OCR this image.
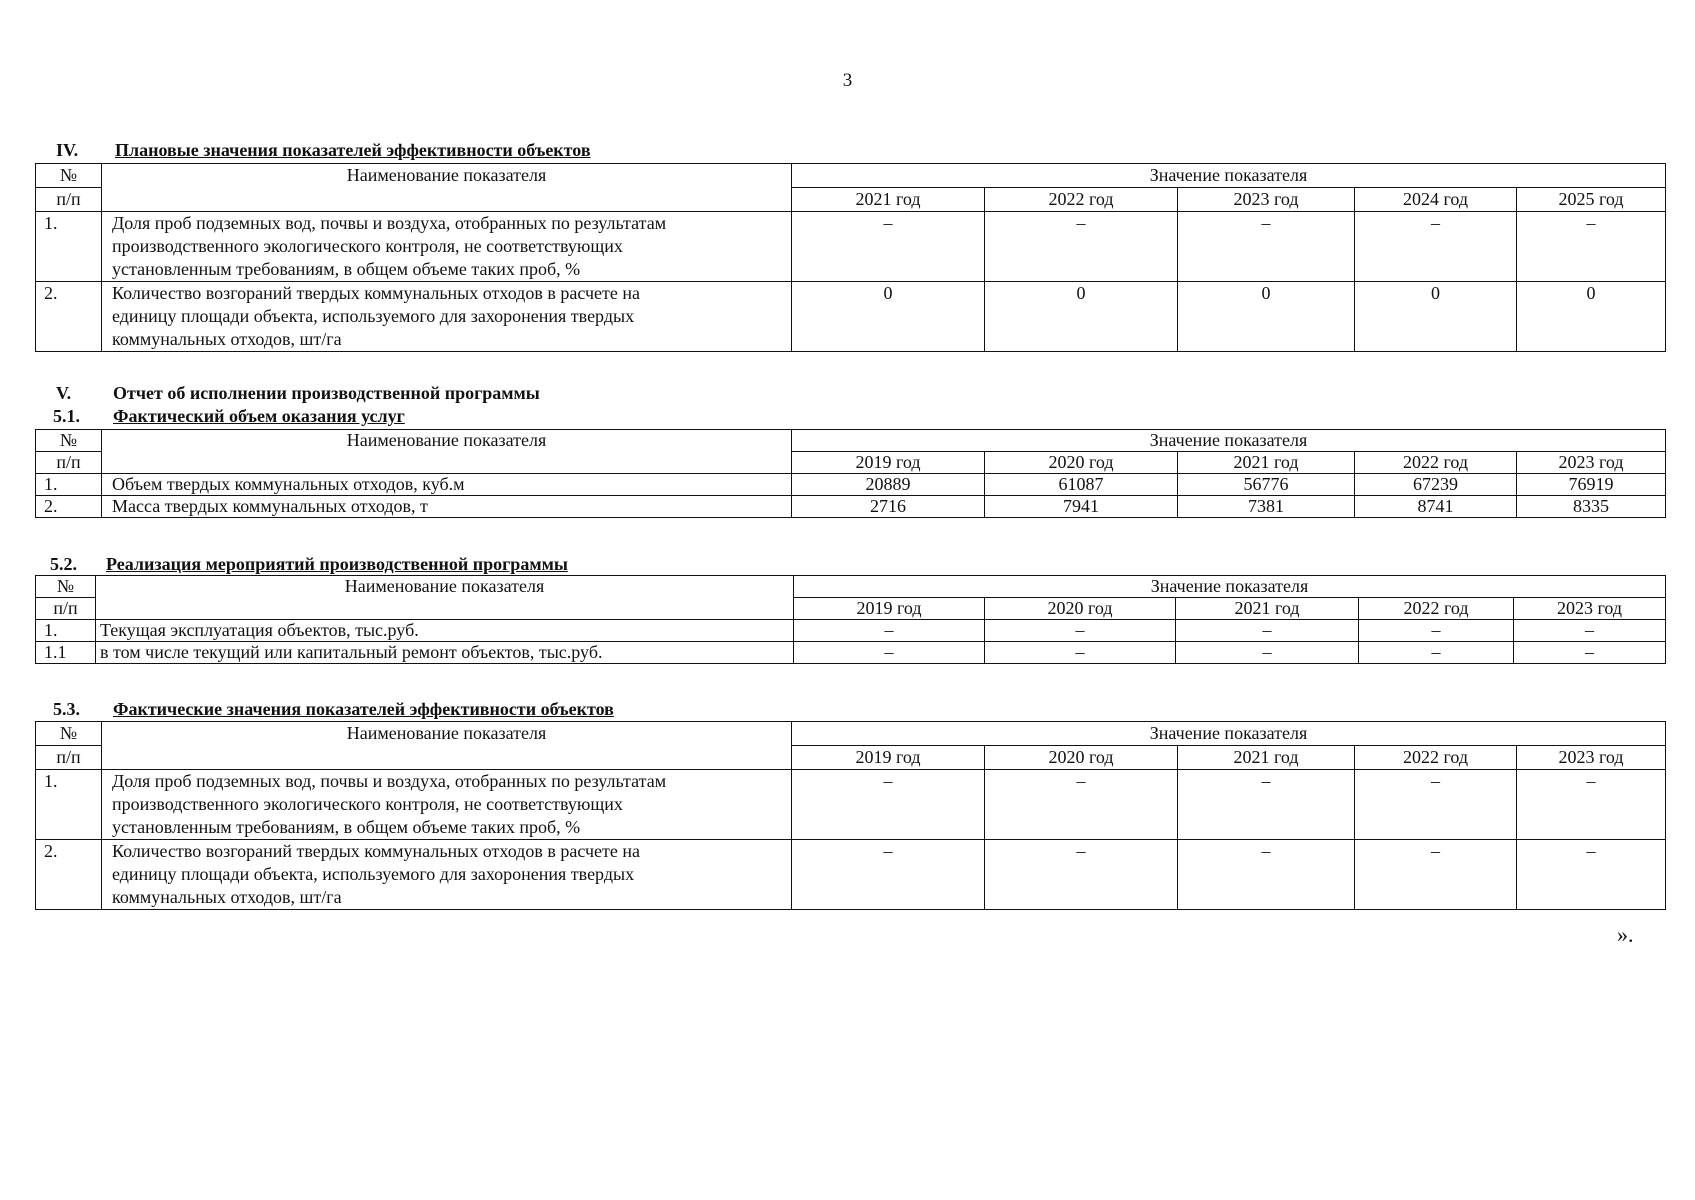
3
IV. Плановые значения показателей эффективности объектов
№	Наименование показателя	Значение показателя				
п/п		2021 год	2022 год	2023 год	2024 год	2025 год
1.	Доля проб подземных вод, почвы и воздуха, отобранных по результатам
производственного экологического контроля, не соответствующих
установленным требованиям, в общем объеме таких проб, %	–	–	–	–	–
2.	Количество возгораний твердых коммунальных отходов в расчете на
единицу площади объекта, используемого для захоронения твердых
коммунальных отходов, шт/га	0	0	0	0	0
V. Отчет об исполнении производственной программы
5.1. Фактический объем оказания услуг
№	Наименование показателя	Значение показателя				
п/п		2019 год	2020 год	2021 год	2022 год	2023 год
1.	Объем твердых коммунальных отходов, куб.м	20889	61087	56776	67239	76919
2.	Масса твердых коммунальных отходов, т	2716	7941	7381	8741	8335
5.2. Реализация мероприятий производственной программы
№	Наименование показателя	Значение показателя				
п/п		2019 год	2020 год	2021 год	2022 год	2023 год
1.	Текущая эксплуатация объектов, тыс.руб.	–	–	–	–	–
1.1	в том числе текущий или капитальный ремонт объектов, тыс.руб.	–	–	–	–	–
5.3. Фактические значения показателей эффективности объектов
№	Наименование показателя	Значение показателя				
п/п		2019 год	2020 год	2021 год	2022 год	2023 год
1.	Доля проб подземных вод, почвы и воздуха, отобранных по результатам
производственного экологического контроля, не соответствующих
установленным требованиям, в общем объеме таких проб, %	–	–	–	–	–
2.	Количество возгораний твердых коммунальных отходов в расчете на
единицу площади объекта, используемого для захоронения твердых
коммунальных отходов, шт/га	–	–	–	–	–
».
